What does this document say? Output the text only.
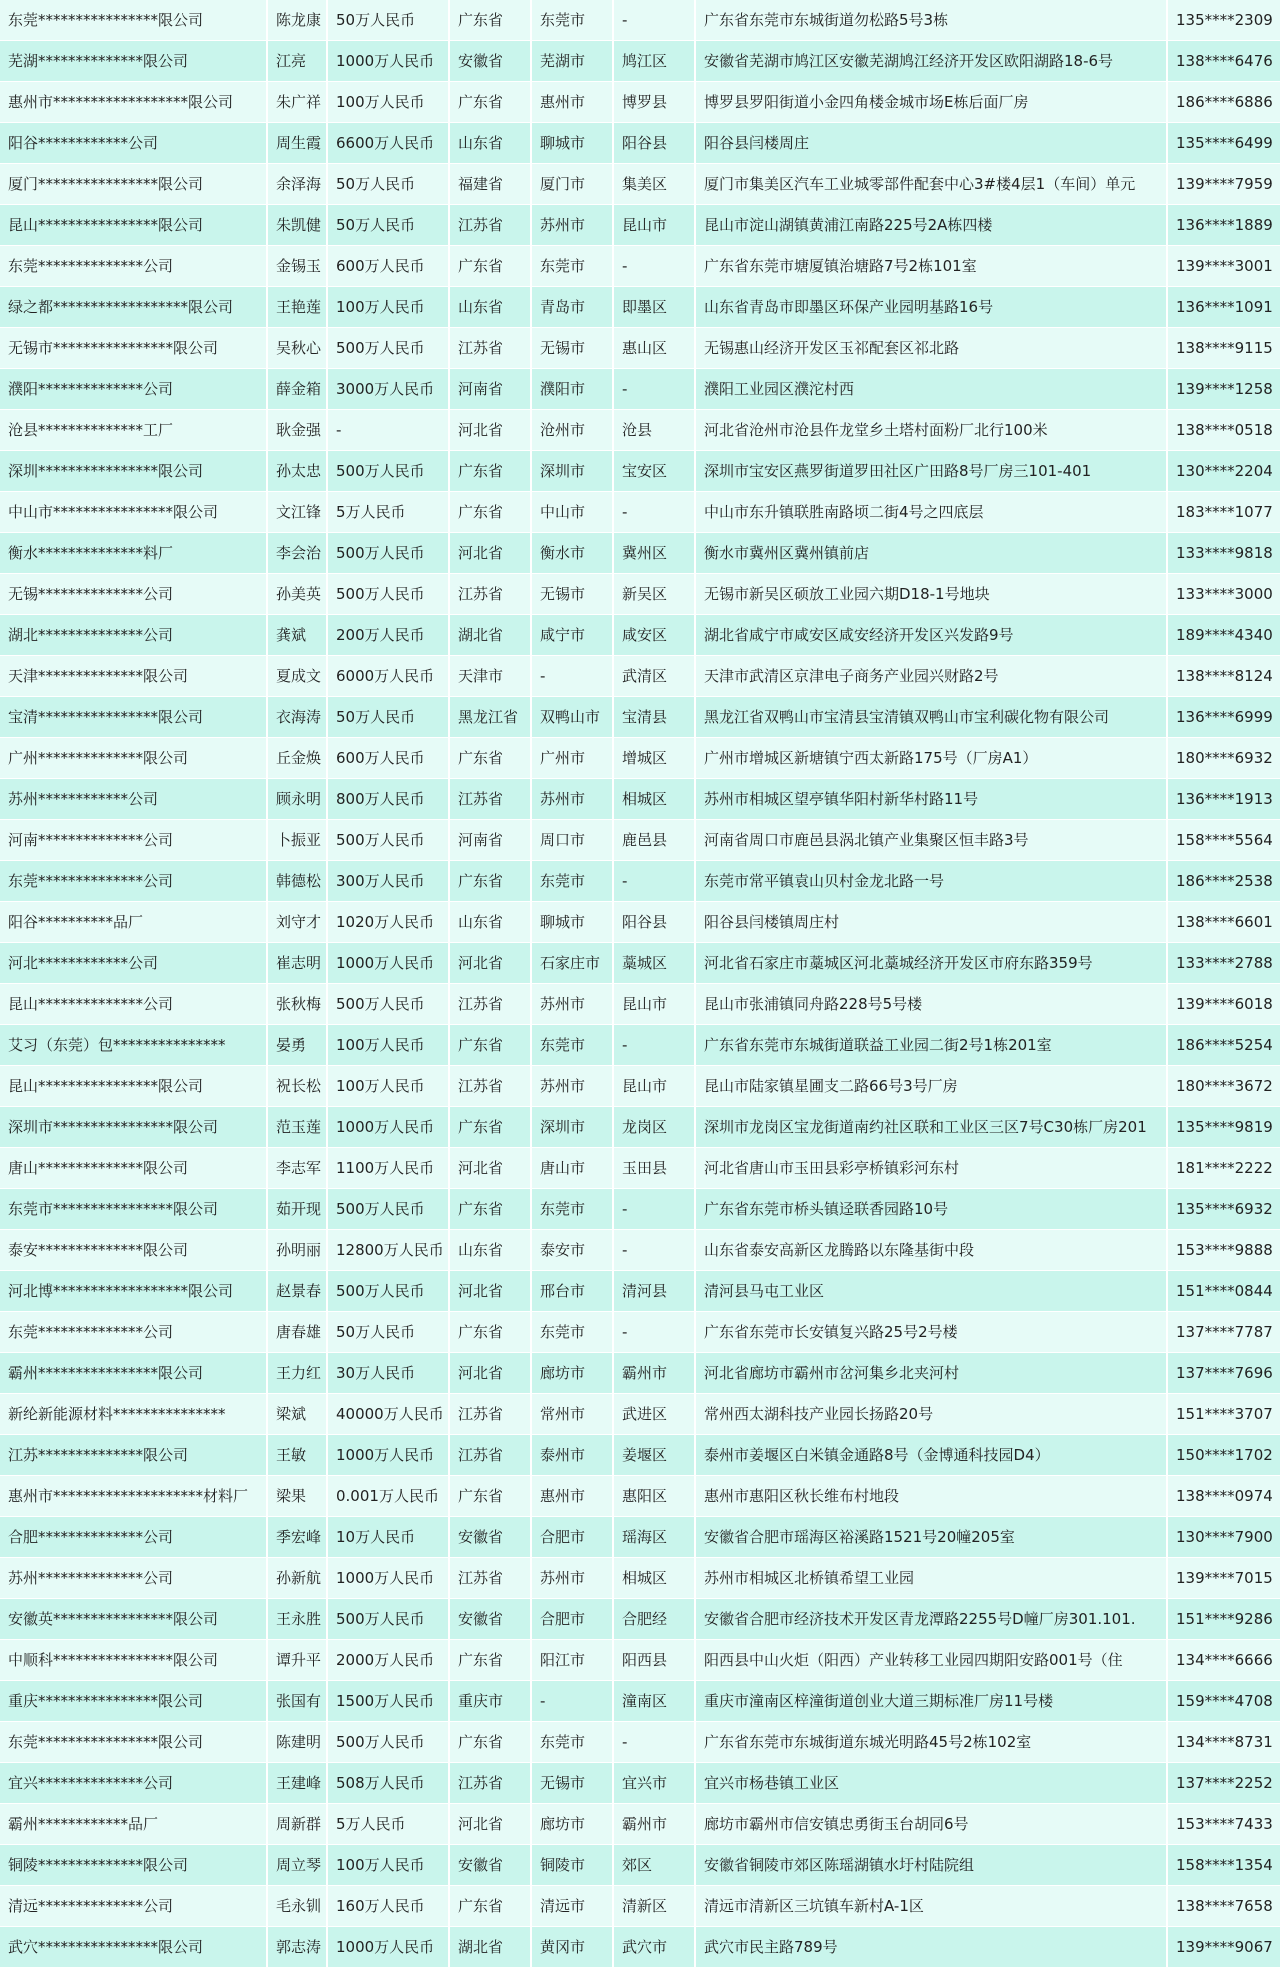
东莞****************限公司	陈龙康	50万人民币	广东省	东莞市	-	广东省东莞市东城街道勿松路5号3栋	135****2309
芜湖**************限公司	江亮	1000万人民币	安徽省	芜湖市	鸠江区	安徽省芜湖市鸠江区安徽芜湖鸠江经济开发区欧阳湖路18-6号	138****6476
惠州市******************限公司	朱广祥	100万人民币	广东省	惠州市	博罗县	博罗县罗阳街道小金四角楼金城市场E栋后面厂房	186****6886
阳谷************公司	周生霞	6600万人民币	山东省	聊城市	阳谷县	阳谷县闫楼周庄	135****6499
厦门****************限公司	余泽海	50万人民币	福建省	厦门市	集美区	厦门市集美区汽车工业城零部件配套中心3#楼4层1（车间）单元	139****7959
昆山****************限公司	朱凯健	50万人民币	江苏省	苏州市	昆山市	昆山市淀山湖镇黄浦江南路225号2A栋四楼	136****1889
东莞**************公司	金锡玉	600万人民币	广东省	东莞市	-	广东省东莞市塘厦镇治塘路7号2栋101室	139****3001
绿之都******************限公司	王艳莲	100万人民币	山东省	青岛市	即墨区	山东省青岛市即墨区环保产业园明基路16号	136****1091
无锡市****************限公司	吴秋心	500万人民币	江苏省	无锡市	惠山区	无锡惠山经济开发区玉祁配套区祁北路	138****9115
濮阳**************公司	薛金箱	3000万人民币	河南省	濮阳市	-	濮阳工业园区濮沱村西	139****1258
沧县**************工厂	耿金强	-	河北省	沧州市	沧县	河北省沧州市沧县仵龙堂乡土塔村面粉厂北行100米	138****0518
深圳****************限公司	孙太忠	500万人民币	广东省	深圳市	宝安区	深圳市宝安区燕罗街道罗田社区广田路8号厂房三101-401	130****2204
中山市****************限公司	文江锋	5万人民币	广东省	中山市	-	中山市东升镇联胜南路顷二街4号之四底层	183****1077
衡水**************料厂	李会治	500万人民币	河北省	衡水市	冀州区	衡水市冀州区冀州镇前店	133****9818
无锡**************公司	孙美英	500万人民币	江苏省	无锡市	新吴区	无锡市新吴区硕放工业园六期D18-1号地块	133****3000
湖北**************公司	龚斌	200万人民币	湖北省	咸宁市	咸安区	湖北省咸宁市咸安区咸安经济开发区兴发路9号	189****4340
天津**************限公司	夏成文	6000万人民币	天津市	-	武清区	天津市武清区京津电子商务产业园兴财路2号	138****8124
宝清****************限公司	衣海涛	50万人民币	黑龙江省	双鸭山市	宝清县	黑龙江省双鸭山市宝清县宝清镇双鸭山市宝利碳化物有限公司	136****6999
广州**************限公司	丘金焕	600万人民币	广东省	广州市	增城区	广州市增城区新塘镇宁西太新路175号（厂房A1）	180****6932
苏州************公司	顾永明	800万人民币	江苏省	苏州市	相城区	苏州市相城区望亭镇华阳村新华村路11号	136****1913
河南**************公司	卜振亚	500万人民币	河南省	周口市	鹿邑县	河南省周口市鹿邑县涡北镇产业集聚区恒丰路3号	158****5564
东莞**************公司	韩德松	300万人民币	广东省	东莞市	-	东莞市常平镇袁山贝村金龙北路一号	186****2538
阳谷**********品厂	刘守才	1020万人民币	山东省	聊城市	阳谷县	阳谷县闫楼镇周庄村	138****6601
河北************公司	崔志明	1000万人民币	河北省	石家庄市	藁城区	河北省石家庄市藁城区河北藁城经济开发区市府东路359号	133****2788
昆山**************公司	张秋梅	500万人民币	江苏省	苏州市	昆山市	昆山市张浦镇同舟路228号5号楼	139****6018
艾习（东莞）包***************	晏勇	100万人民币	广东省	东莞市	-	广东省东莞市东城街道联益工业园二街2号1栋201室	186****5254
昆山****************限公司	祝长松	100万人民币	江苏省	苏州市	昆山市	昆山市陆家镇星圃支二路66号3号厂房	180****3672
深圳市****************限公司	范玉莲	1000万人民币	广东省	深圳市	龙岗区	深圳市龙岗区宝龙街道南约社区联和工业区三区7号C30栋厂房201	135****9819
唐山**************限公司	李志军	1100万人民币	河北省	唐山市	玉田县	河北省唐山市玉田县彩亭桥镇彩河东村	181****2222
东莞市****************限公司	茹开现	500万人民币	广东省	东莞市	-	广东省东莞市桥头镇迳联香园路10号	135****6932
泰安**************限公司	孙明丽	12800万人民币	山东省	泰安市	-	山东省泰安高新区龙腾路以东隆基街中段	153****9888
河北博******************限公司	赵景春	500万人民币	河北省	邢台市	清河县	清河县马屯工业区	151****0844
东莞**************公司	唐春雄	50万人民币	广东省	东莞市	-	广东省东莞市长安镇复兴路25号2号楼	137****7787
霸州****************限公司	王力红	30万人民币	河北省	廊坊市	霸州市	河北省廊坊市霸州市岔河集乡北夹河村	137****7696
新纶新能源材料***************	梁斌	40000万人民币	江苏省	常州市	武进区	常州西太湖科技产业园长扬路20号	151****3707
江苏**************限公司	王敏	1000万人民币	江苏省	泰州市	姜堰区	泰州市姜堰区白米镇金通路8号（金博通科技园D4）	150****1702
惠州市********************材料厂	梁果	0.001万人民币	广东省	惠州市	惠阳区	惠州市惠阳区秋长维布村地段	138****0974
合肥**************公司	季宏峰	10万人民币	安徽省	合肥市	瑶海区	安徽省合肥市瑶海区裕溪路1521号20幢205室	130****7900
苏州**************公司	孙新航	1000万人民币	江苏省	苏州市	相城区	苏州市相城区北桥镇希望工业园	139****7015
安徽英****************限公司	王永胜	500万人民币	安徽省	合肥市	合肥经	安徽省合肥市经济技术开发区青龙潭路2255号D幢厂房301.101.	151****9286
中顺科****************限公司	谭升平	2000万人民币	广东省	阳江市	阳西县	阳西县中山火炬（阳西）产业转移工业园四期阳安路001号（住	134****6666
重庆****************限公司	张国有	1500万人民币	重庆市	-	潼南区	重庆市潼南区梓潼街道创业大道三期标准厂房11号楼	159****4708
东莞****************限公司	陈建明	500万人民币	广东省	东莞市	-	广东省东莞市东城街道东城光明路45号2栋102室	134****8731
宜兴**************公司	王建峰	508万人民币	江苏省	无锡市	宜兴市	宜兴市杨巷镇工业区	137****2252
霸州************品厂	周新群	5万人民币	河北省	廊坊市	霸州市	廊坊市霸州市信安镇忠勇街玉台胡同6号	153****7433
铜陵**************限公司	周立琴	100万人民币	安徽省	铜陵市	郊区	安徽省铜陵市郊区陈瑶湖镇水圩村陆院组	158****1354
清远**************公司	毛永钏	160万人民币	广东省	清远市	清新区	清远市清新区三坑镇车新村A-1区	138****7658
武穴****************限公司	郭志涛	1000万人民币	湖北省	黄冈市	武穴市	武穴市民主路789号	139****9067
